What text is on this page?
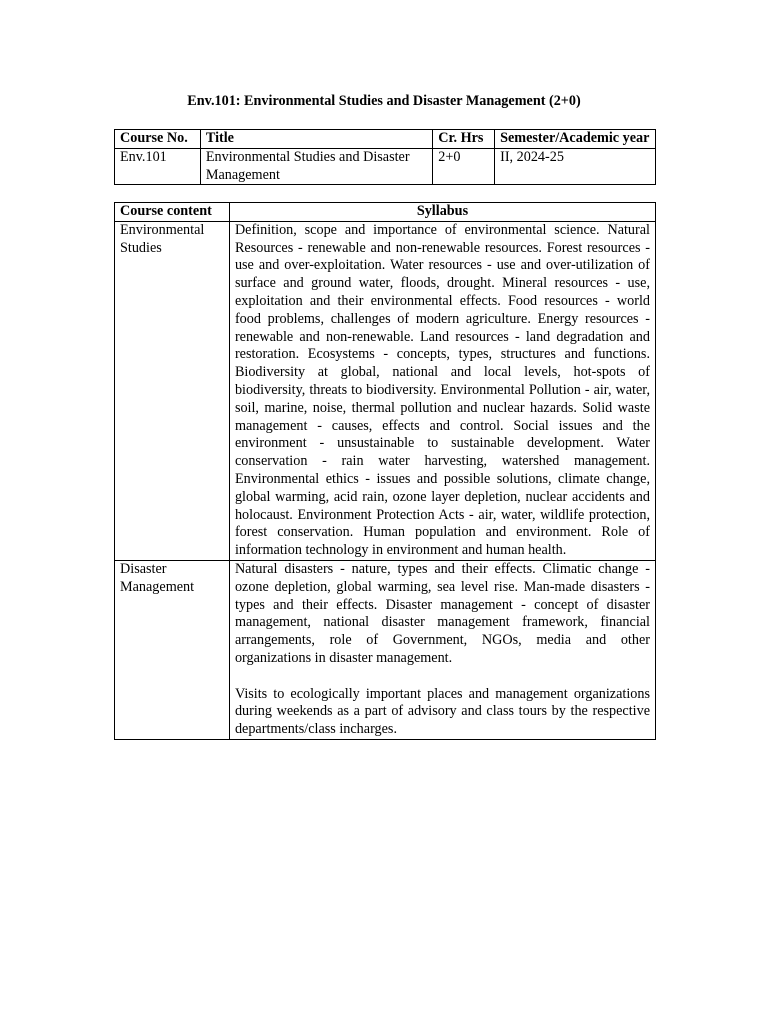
Env.101: Environmental Studies and Disaster Management (2+0)
Course No.	Title	Cr. Hrs	Semester/Academic year
Env.101	Environmental Studies and Disaster Management	2+0	II, 2024-25
Course content	Syllabus
Environmental Studies	Definition, scope and importance of environmental science. Natural Resources - renewable and non-renewable resources. Forest resources - use and over-exploitation. Water resources - use and over-utilization of surface and ground water, floods, drought. Mineral resources - use, exploitation and their environmental effects. Food resources - world food problems, challenges of modern agriculture. Energy resources - renewable and non-renewable. Land resources - land degradation and restoration. Ecosystems - concepts, types, structures and functions. Biodiversity at global, national and local levels, hot-spots of biodiversity, threats to biodiversity. Environmental Pollution - air, water, soil, marine, noise, thermal pollution and nuclear hazards. Solid waste management - causes, effects and control. Social issues and the environment - unsustainable to sustainable development. Water conservation - rain water harvesting, watershed management. Environmental ethics - issues and possible solutions, climate change, global warming, acid rain, ozone layer depletion, nuclear accidents and holocaust. Environment Protection Acts - air, water, wildlife protection, forest conservation. Human population and environment. Role of information technology in environment and human health.
Disaster Management	Natural disasters - nature, types and their effects. Climatic change - ozone depletion, global warming, sea level rise. Man-made disasters - types and their effects. Disaster management - concept of disaster management, national disaster management framework, financial arrangements, role of Government, NGOs, media and other organizations in disaster management.
Visits to ecologically important places and management organizations during weekends as a part of advisory and class tours by the respective departments/class incharges.
